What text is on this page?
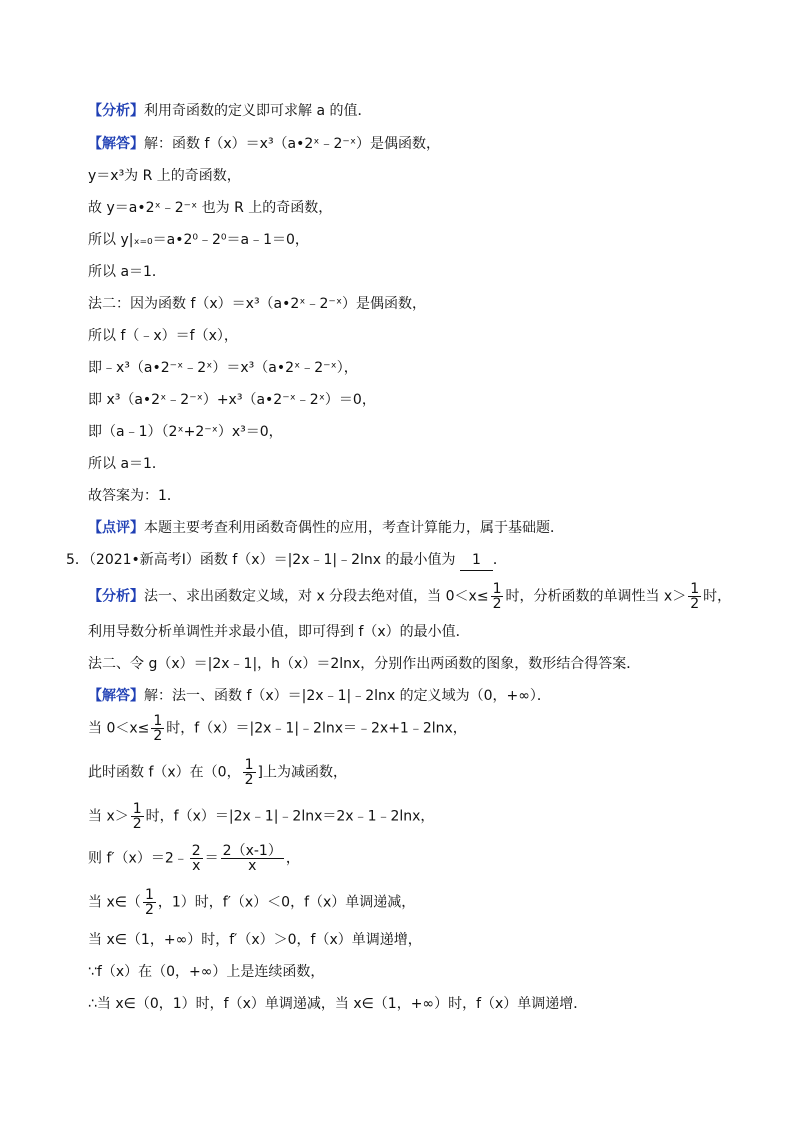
【分析】利用奇函数的定义即可求解 a 的值．
【解答】解：函数 f（x）＝x³（a•2ˣ﹣2⁻ˣ）是偶函数，
y＝x³为 R 上的奇函数，
故 y＝a•2ˣ﹣2⁻ˣ 也为 R 上的奇函数，
所以 y|ₓ₌₀＝a•2⁰﹣2⁰＝a﹣1＝0，
所以 a＝1．
法二：因为函数 f（x）＝x³（a•2ˣ﹣2⁻ˣ）是偶函数，
所以 f（﹣x）＝f（x），
即﹣x³（a•2⁻ˣ﹣2ˣ）＝x³（a•2ˣ﹣2⁻ˣ），
即 x³（a•2ˣ﹣2⁻ˣ）+x³（a•2⁻ˣ﹣2ˣ）＝0，
即（a﹣1）（2ˣ+2⁻ˣ）x³＝0，
所以 a＝1．
故答案为：1．
【点评】本题主要考查利用函数奇偶性的应用，考查计算能力，属于基础题．
5．（2021•新高考Ⅰ）函数 f（x）＝|2x﹣1|﹣2lnx 的最小值为 1 ．
【分析】法一、求出函数定义域，对 x 分段去绝对值，当 $0<x\le \frac{1}{2}$ 时，分析函数的单调性当 $x> \frac{1}{2}$ 时，
利用导数分析单调性并求最小值，即可得到 f（x）的最小值．
法二、令 g（x）＝|2x﹣1|，h（x）＝2lnx，分别作出两函数的图象，数形结合得答案．
【解答】解：法一、函数 f（x）＝|2x﹣1|﹣2lnx 的定义域为（0，+∞）．
当 $0<x\le \frac{1}{2}$ 时，f（x）＝|2x﹣1|﹣2lnx＝﹣2x+1﹣2lnx，
此时函数 f（x）在（0， $\frac{1}{2}$ ]上为减函数，
当 $x> \frac{1}{2}$ 时，f（x）＝|2x﹣1|﹣2lnx＝2x﹣1﹣2lnx，
则 f′（x）＝2﹣ $\frac{2}{x} = \frac{2(x-1)}{x}$ ，
当 x∈（ $\frac{1}{2}$ ，1）时，f′（x）＜0，f（x）单调递减，
当 x∈（1，+∞）时，f′（x）＞0，f（x）单调递增，
∵f（x）在（0，+∞）上是连续函数，
∴当 x∈（0，1）时，f（x）单调递减，当 x∈（1，+∞）时，f（x）单调递增．
